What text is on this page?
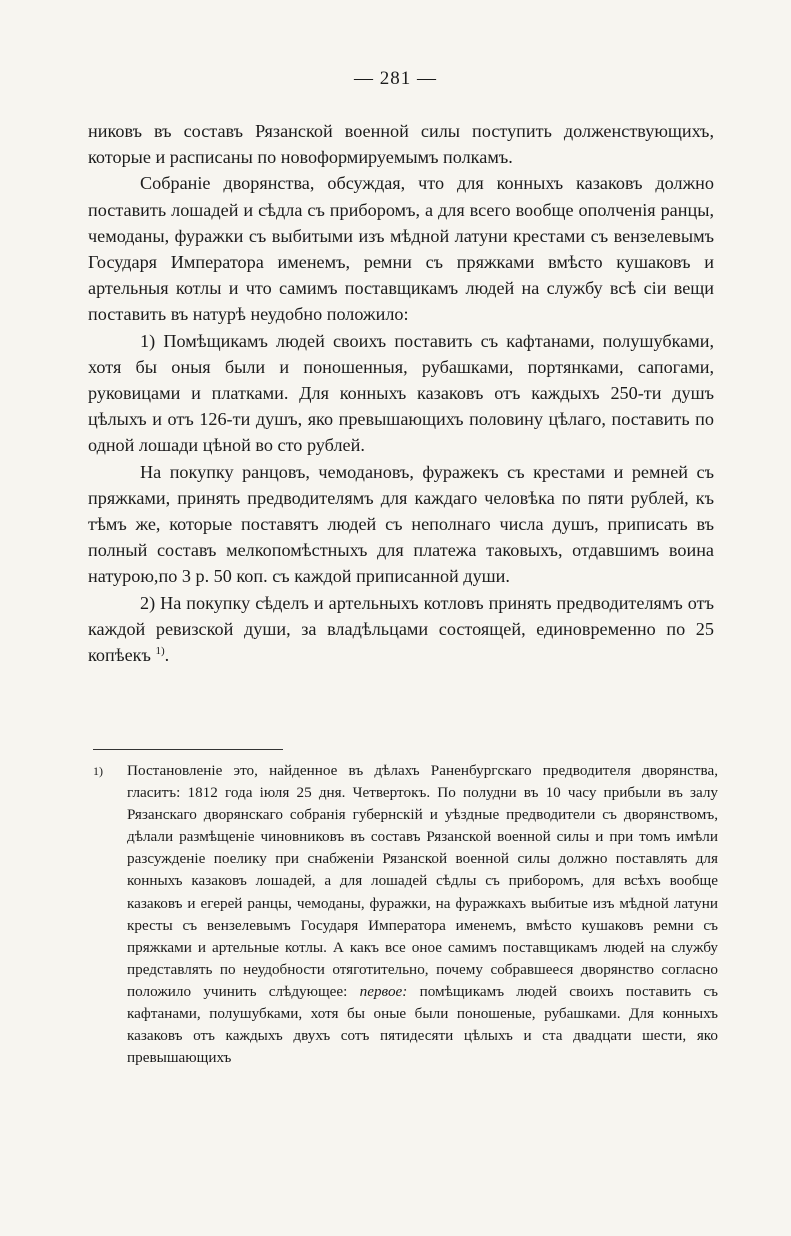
— 281 —

никовъ въ составъ Рязанской военной силы поступить долженствующихъ, которые и расписаны по новоформируемымъ полкамъ.

Собраніе дворянства, обсуждая, что для конныхъ казаковъ должно поставить лошадей и сѣдла съ приборомъ, а для всего вообще ополченія ранцы, чемоданы, фуражки съ выбитыми изъ мѣдной латуни крестами съ вензелевымъ Государя Императора именемъ, ремни съ пряжками вмѣсто кушаковъ и артельныя котлы и что самимъ поставщикамъ людей на службу всѣ сіи вещи поставить въ натурѣ неудобно положило:

1) Помѣщикамъ людей своихъ поставить съ кафтанами, полушубками, хотя бы оныя были и поношенныя, рубашками, портянками, сапогами, руковицами и платками. Для конныхъ казаковъ отъ каждыхъ 250-ти душъ цѣлыхъ и отъ 126-ти душъ, яко превышающихъ половину цѣлаго, поставить по одной лошади цѣной во сто рублей.

На покупку ранцовъ, чемодановъ, фуражекъ съ крестами и ремней съ пряжками, принять предводителямъ для каждаго человѣка по пяти рублей, къ тѣмъ же, которые поставятъ людей съ неполнаго числа душъ, приписать въ полный составъ мелкопомѣстныхъ для платежа таковыхъ, отдавшимъ воина натурою,по 3 р. 50 коп. съ каждой приписанной души.

2) На покупку сѣделъ и артельныхъ котловъ принять предводителямъ отъ каждой ревизской души, за владѣльцами состоящей, единовременно по 25 копѣекъ $^{1)}$.

1) Постановленіе это, найденное въ дѣлахъ Раненбургскаго предводителя дворянства, гласитъ: 1812 года іюля 25 дня. Четвертокъ. По полудни въ 10 часу прибыли въ залу Рязанскаго дворянскаго собранія губернскій и уѣздные предводители съ дворянствомъ, дѣлали размѣщеніе чиновниковъ въ составъ Рязанской военной силы и при томъ имѣли разсужденіе поелику при снабженіи Рязанской военной силы должно поставлять для конныхъ казаковъ лошадей, а для лошадей сѣдлы съ приборомъ, для всѣхъ вообще казаковъ и егерей ранцы, чемоданы, фуражки, на фуражкахъ выбитые изъ мѣдной латуни кресты съ вензелевымъ Государя Императора именемъ, вмѣсто кушаковъ ремни съ пряжками и артельные котлы. А какъ все оное самимъ поставщикамъ людей на службу представлять по неудобности отяготительно, почему собравшееся дворянство согласно положило учинить слѣдующее: первое: помѣщикамъ людей своихъ поставить съ кафтанами, полушубками, хотя бы оные были поношеные, рубашками. Для конныхъ казаковъ отъ каждыхъ двухъ сотъ пятидесяти цѣлыхъ и ста двадцати шести, яко превышающихъ
